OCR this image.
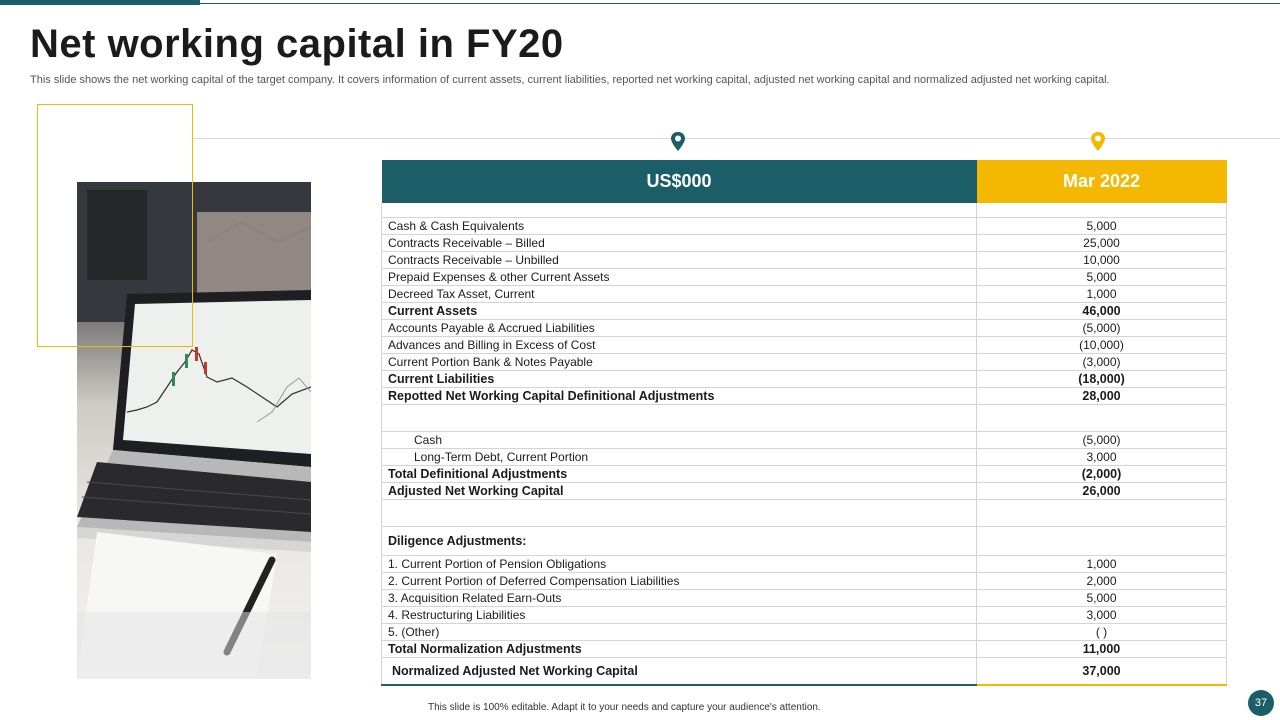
Net working capital in FY20
This slide shows the net working capital of the target company. It covers information of current assets, current liabilities, reported net working capital, adjusted net working capital and normalized adjusted net working capital.
US$000	Mar 2022

Cash & Cash Equivalents	5,000
Contracts Receivable – Billed	25,000
Contracts Receivable – Unbilled	10,000
Prepaid Expenses & other Current Assets	5,000
Decreed Tax Asset, Current	1,000
Current Assets	46,000
Accounts Payable & Accrued Liabilities	(5,000)
Advances and Billing in Excess of Cost	(10,000)
Current Portion Bank & Notes Payable	(3,000)
Current Liabilities	(18,000)
Repotted Net Working Capital Definitional Adjustments	28,000

Cash	(5,000)
Long-Term Debt, Current Portion	3,000
Total Definitional Adjustments	(2,000)
Adjusted Net Working Capital	26,000

Diligence Adjustments:	
1. Current Portion of Pension Obligations	1,000
2. Current Portion of Deferred Compensation Liabilities	2,000
3. Acquisition Related Earn-Outs	5,000
4. Restructuring Liabilities	3,000
5. (Other)	( )
Total Normalization Adjustments	11,000
Normalized Adjusted Net Working Capital	37,000
This slide is 100% editable. Adapt it to your needs and capture your audience's attention.	37
